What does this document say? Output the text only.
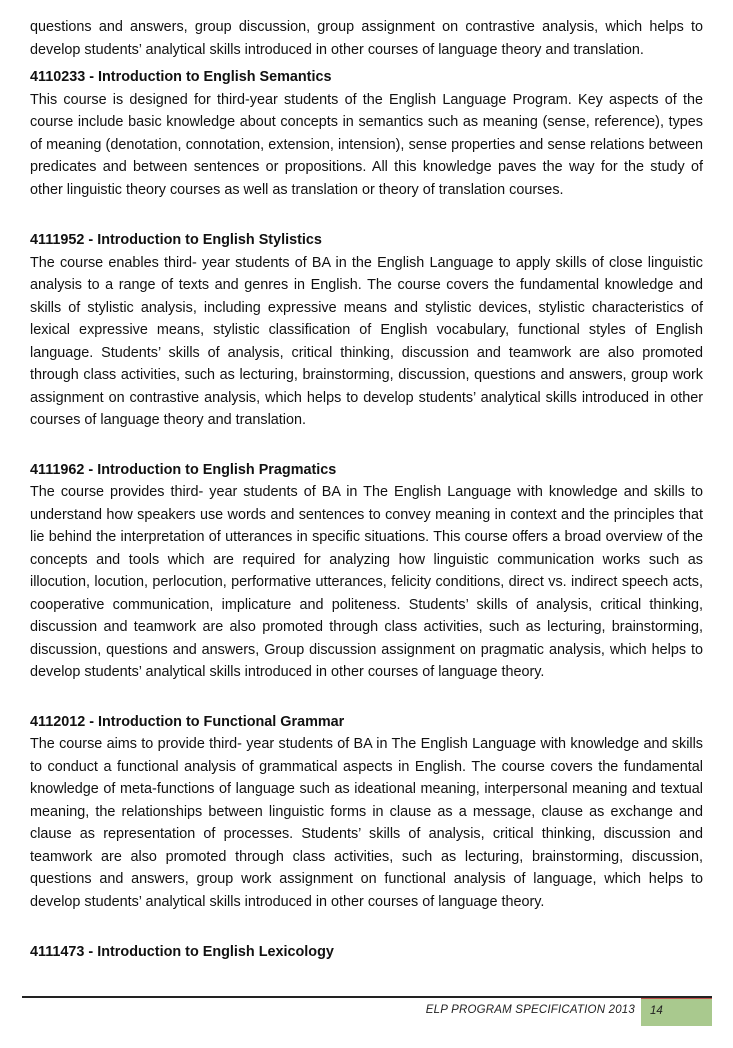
questions and answers, group discussion, group assignment on contrastive analysis, which helps to develop students’ analytical skills introduced in other courses of language theory and translation.

4110233 - Introduction to English Semantics

This course is designed for third-year students of the English Language Program. Key aspects of the course include basic knowledge about concepts in semantics such as meaning (sense, reference), types of meaning (denotation, connotation, extension, intension), sense properties and sense relations between predicates and between sentences or propositions. All this knowledge paves the way for the study of other linguistic theory courses as well as translation or theory of translation courses.

4111952 - Introduction to English Stylistics

The course enables third- year students of BA in the English Language to apply skills of close linguistic analysis to a range of texts and genres in English. The course covers the fundamental knowledge and skills of stylistic analysis, including expressive means and stylistic devices, stylistic characteristics of lexical expressive means, stylistic classification of English vocabulary, functional styles of English language. Students’ skills of analysis, critical thinking, discussion and teamwork are also promoted through class activities, such as lecturing, brainstorming, discussion, questions and answers, group work assignment on contrastive analysis, which helps to develop students’ analytical skills introduced in other courses of language theory and translation.

4111962 - Introduction to English Pragmatics

The course provides third- year students of BA in The English Language with knowledge and skills to understand how speakers use words and sentences to convey meaning in context and the principles that lie behind the interpretation of utterances in specific situations. This course offers a broad overview of the concepts and tools which are required for analyzing how linguistic communication works such as illocution, locution, perlocution, performative utterances, felicity conditions, direct vs. indirect speech acts, cooperative communication, implicature and politeness. Students’ skills of analysis, critical thinking, discussion and teamwork are also promoted through class activities, such as lecturing, brainstorming, discussion, questions and answers, Group discussion assignment on pragmatic analysis, which helps to develop students’ analytical skills introduced in other courses of language theory.

4112012 - Introduction to Functional Grammar

The course aims to provide third- year students of BA in The English Language with knowledge and skills to conduct a functional analysis of grammatical aspects in English. The course covers the fundamental knowledge of meta-functions of language such as ideational meaning, interpersonal meaning and textual meaning, the relationships between linguistic forms in clause as a message, clause as exchange and clause as representation of processes. Students’ skills of analysis, critical thinking, discussion and teamwork are also promoted through class activities, such as lecturing, brainstorming, discussion, questions and answers, group work assignment on functional analysis of language, which helps to develop students’ analytical skills introduced in other courses of language theory.

4111473 - Introduction to English Lexicology
ELP PROGRAM SPECIFICATION 2013 14
